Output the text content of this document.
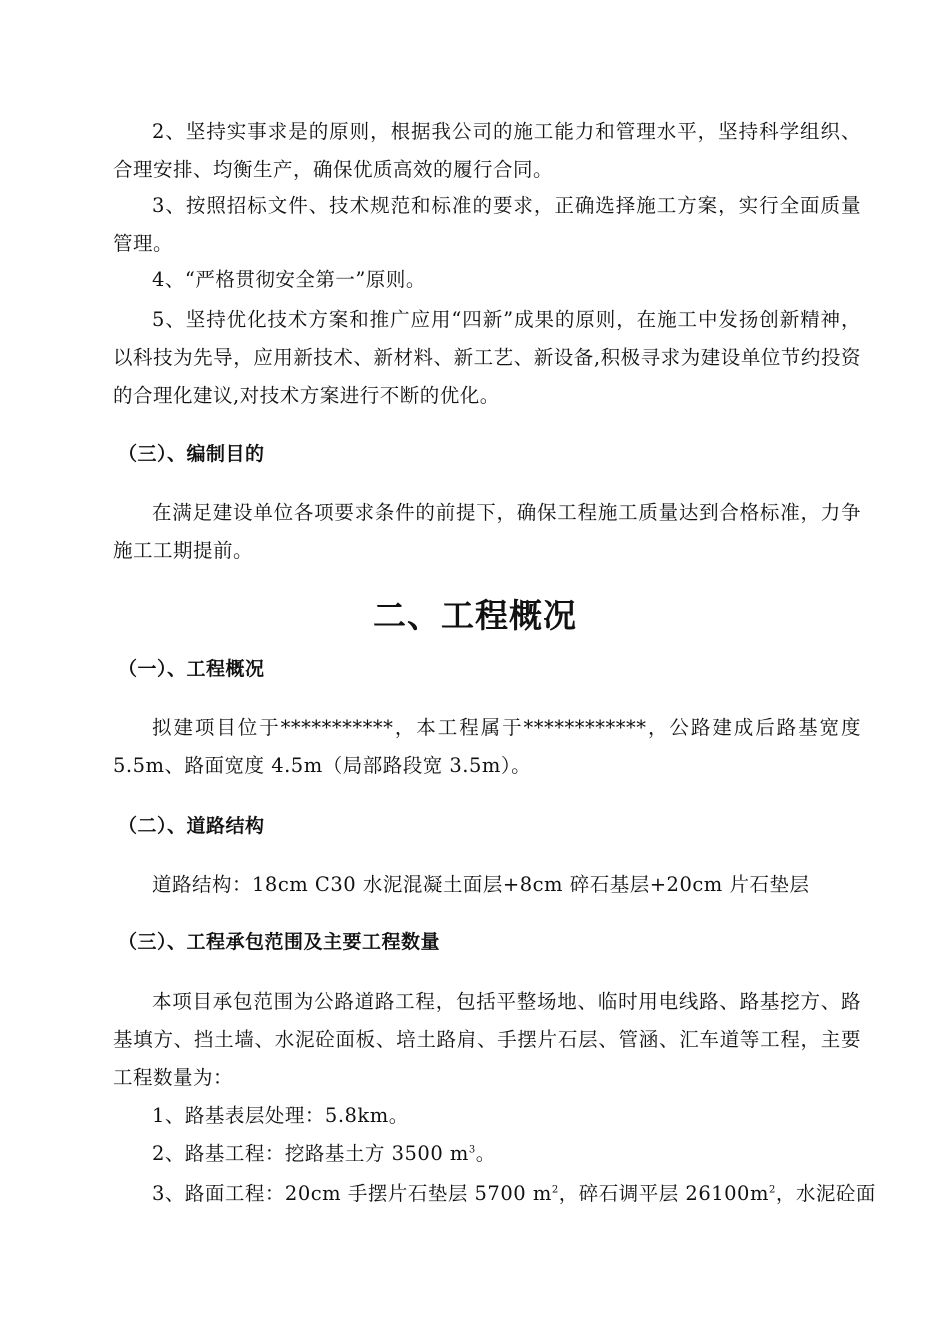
2、坚持实事求是的原则，根据我公司的施工能力和管理水平，坚持科学组织、合理安排、均衡生产，确保优质高效的履行合同。

3、按照招标文件、技术规范和标准的要求，正确选择施工方案，实行全面质量管理。

4、“严格贯彻安全第一”原则。

5、坚持优化技术方案和推广应用“四新”成果的原则，在施工中发扬创新精神，以科技为先导，应用新技术、新材料、新工艺、新设备,积极寻求为建设单位节约投资的合理化建议,对技术方案进行不断的优化。

（三）、编制目的

在满足建设单位各项要求条件的前提下，确保工程施工质量达到合格标准，力争施工工期提前。

二、工程概况
（一）、工程概况

拟建项目位于***********，本工程属于************，公路建成后路基宽度 5.5m、路面宽度 4.5m（局部路段宽 3.5m）。

（二）、道路结构

道路结构：18cm C30 水泥混凝土面层+8cm 碎石基层+20cm 片石垫层

（三）、工程承包范围及主要工程数量

本项目承包范围为公路道路工程，包括平整场地、临时用电线路、路基挖方、路基填方、挡土墙、水泥砼面板、培土路肩、手摆片石层、管涵、汇车道等工程，主要工程数量为：

1、路基表层处理：5.8km。
2、路基工程：挖路基土方 3500 $m^3$。
3、路面工程：20cm 手摆片石垫层 5700 $m^2$，碎石调平层 $26100m^2$，水泥砼面
